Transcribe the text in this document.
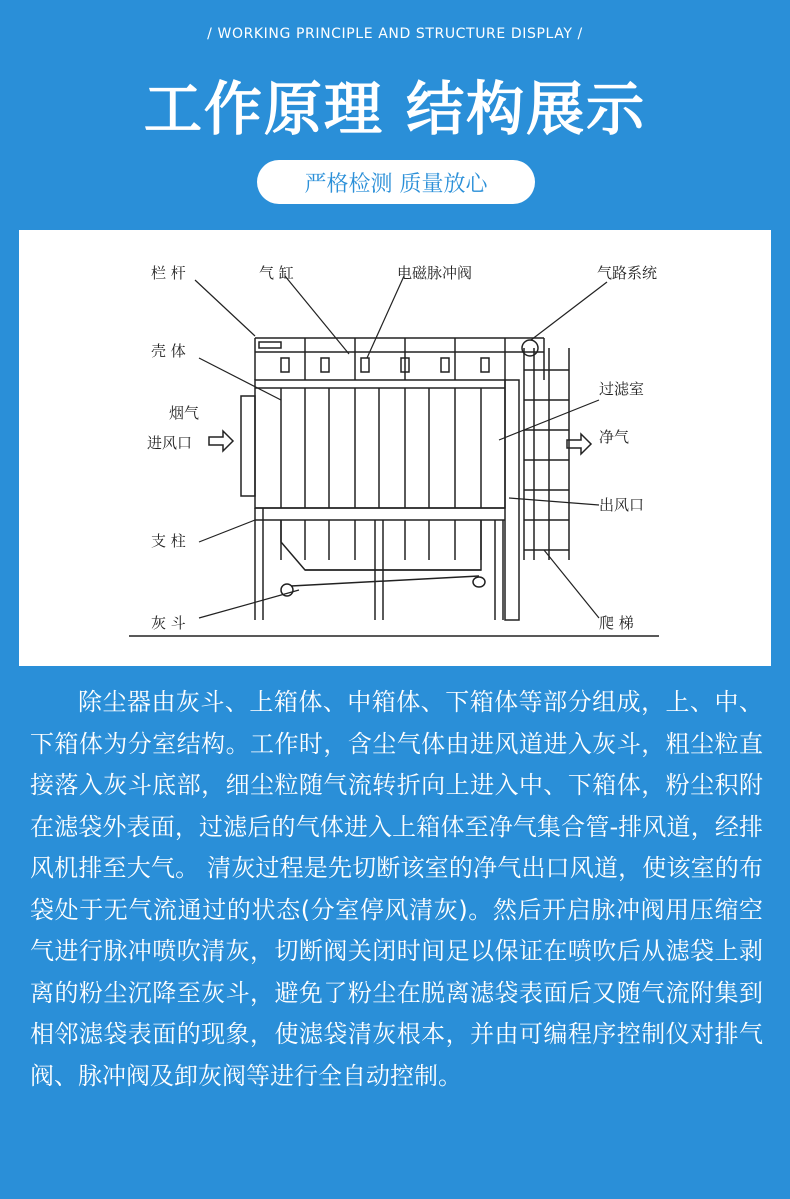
/ WORKING PRINCIPLE AND STRUCTURE DISPLAY /
工作原理 结构展示
严格检测 质量放心
栏 杆	气 缸	电磁脉冲阀	气路系统
壳 体
烟气
进风口
过滤室
净气
出风口
支 柱
灰 斗	爬 梯
除尘器由灰斗、上箱体、中箱体、下箱体等部分组成，上、中、下箱体为分室结构。工作时，含尘气体由进风道进入灰斗，粗尘粒直接落入灰斗底部，细尘粒随气流转折向上进入中、下箱体，粉尘积附在滤袋外表面，过滤后的气体进入上箱体至净气集合管-排风道，经排风机排至大气。 清灰过程是先切断该室的净气出口风道，使该室的布袋处于无气流通过的状态(分室停风清灰)。然后开启脉冲阀用压缩空气进行脉冲喷吹清灰，切断阀关闭时间足以保证在喷吹后从滤袋上剥离的粉尘沉降至灰斗，避免了粉尘在脱离滤袋表面后又随气流附集到相邻滤袋表面的现象，使滤袋清灰根本，并由可编程序控制仪对排气阀、脉冲阀及卸灰阀等进行全自动控制。
